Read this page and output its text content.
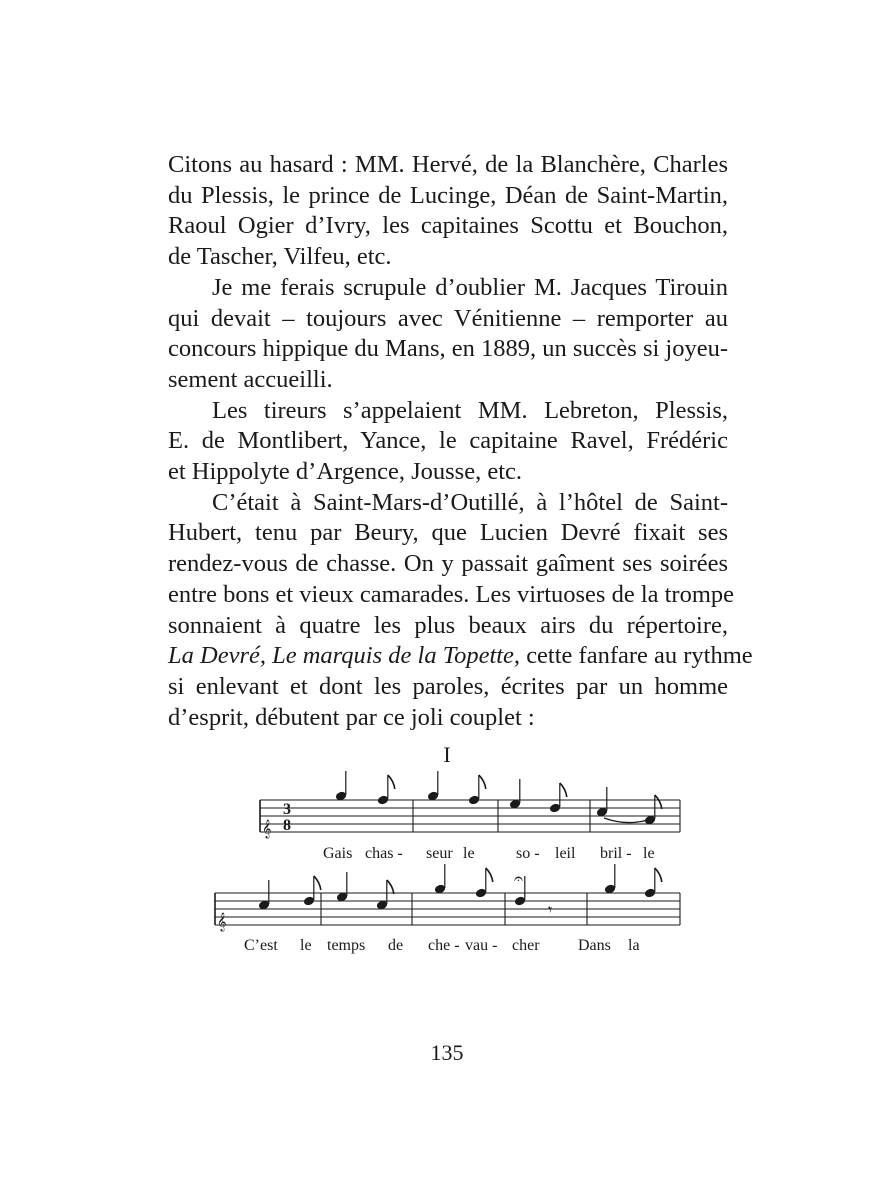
Citons au hasard : MM. Hervé, de la Blanchère, Charles
du Plessis, le prince de Lucinge, Déan de Saint-Martin,
Raoul Ogier d’Ivry, les capitaines Scottu et Bouchon,
de Tascher, Vilfeu, etc.

Je me ferais scrupule d’oublier M. Jacques Tirouin
qui devait – toujours avec Vénitienne – remporter au
concours hippique du Mans, en 1889, un succès si joyeu-
sement accueilli.

Les tireurs s’appelaient MM. Lebreton, Plessis,
E. de Montlibert, Yance, le capitaine Ravel, Frédéric
et Hippolyte d’Argence, Jousse, etc.

C’était à Saint-Mars-d’Outillé, à l’hôtel de Saint-
Hubert, tenu par Beury, que Lucien Devré fixait ses
rendez-vous de chasse. On y passait gaîment ses soirées
entre bons et vieux camarades. Les virtuoses de la trompe
sonnaient à quatre les plus beaux airs du répertoire,
La Devré, Le marquis de la Topette, cette fanfare au rythme
si enlevant et dont les paroles, écrites par un homme
d’esprit, débutent par ce joli couplet :

I
𝄞
3
8
Gais chas - seur le	so - leil bril - le
𝄞
𝄐
𝄾
C’est le temps de che - vau - cher Dans la
135
